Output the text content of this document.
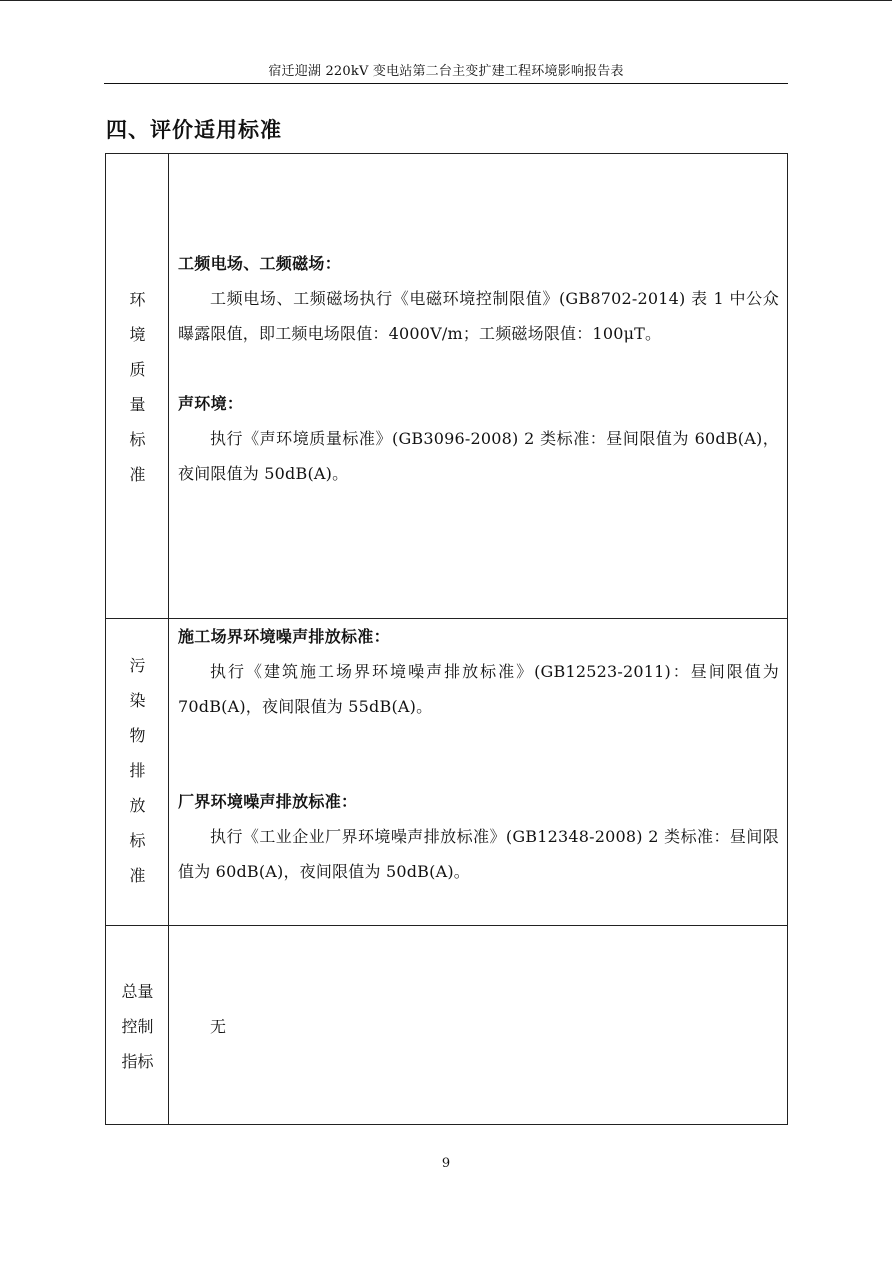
宿迁迎湖 220kV 变电站第二台主变扩建工程环境影响报告表
四、评价适用标准
环
境
质
量
标
准
工频电场、工频磁场：
工频电场、工频磁场执行《电磁环境控制限值》(GB8702-2014) 表 1 中公众曝露限值，即工频电场限值：4000V/m；工频磁场限值：100μT。
声环境：
执行《声环境质量标准》(GB3096-2008) 2 类标准：昼间限值为 60dB(A)，夜间限值为 50dB(A)。
污
染
物
排
放
标
准
施工场界环境噪声排放标准：
执行《建筑施工场界环境噪声排放标准》(GB12523-2011)：昼间限值为 70dB(A)，夜间限值为 55dB(A)。
厂界环境噪声排放标准：
执行《工业企业厂界环境噪声排放标准》(GB12348-2008) 2 类标准：昼间限值为 60dB(A)，夜间限值为 50dB(A)。
总量
控制
指标
无
9
